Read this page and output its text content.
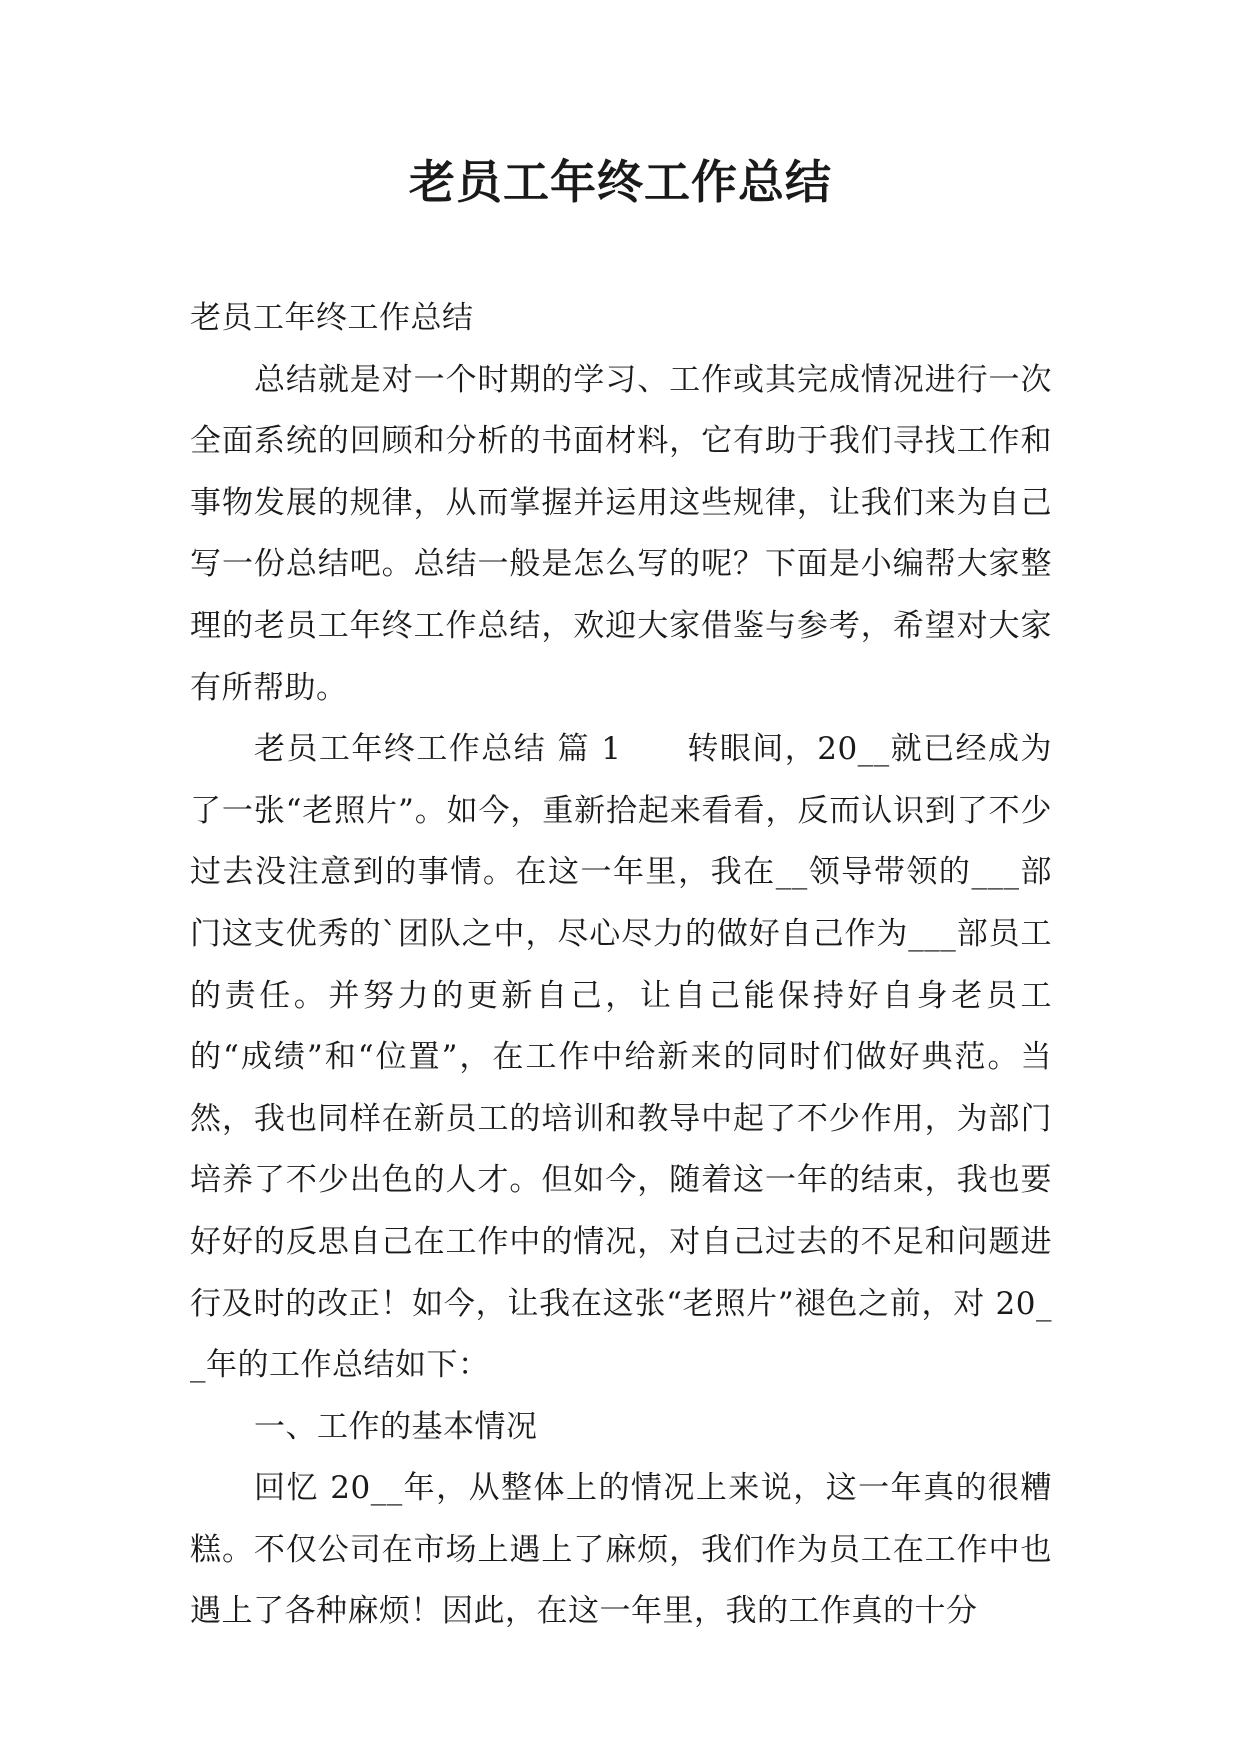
老员工年终工作总结

老员工年终工作总结

总结就是对一个时期的学习、工作或其完成情况进行一次全面系统的回顾和分析的书面材料，它有助于我们寻找工作和事物发展的规律，从而掌握并运用这些规律，让我们来为自己写一份总结吧。总结一般是怎么写的呢？下面是小编帮大家整理的老员工年终工作总结，欢迎大家借鉴与参考，希望对大家有所帮助。

老员工年终工作总结 篇 1　　转眼间，20__就已经成为了一张“老照片”。如今，重新拾起来看看，反而认识到了不少过去没注意到的事情。在这一年里，我在__领导带领的___部门这支优秀的`团队之中，尽心尽力的做好自己作为___部员工的责任。并努力的更新自己，让自己能保持好自身老员工的“成绩”和“位置”，在工作中给新来的同时们做好典范。当然，我也同样在新员工的培训和教导中起了不少作用，为部门培养了不少出色的人才。但如今，随着这一年的结束，我也要好好的反思自己在工作中的情况，对自己过去的不足和问题进行及时的改正！如今，让我在这张“老照片”褪色之前，对 20__年的工作总结如下：

一、工作的基本情况

回忆 20__年，从整体上的情况上来说，这一年真的很糟糕。不仅公司在市场上遇上了麻烦，我们作为员工在工作中也遇上了各种麻烦！因此，在这一年里，我的工作真的十分
